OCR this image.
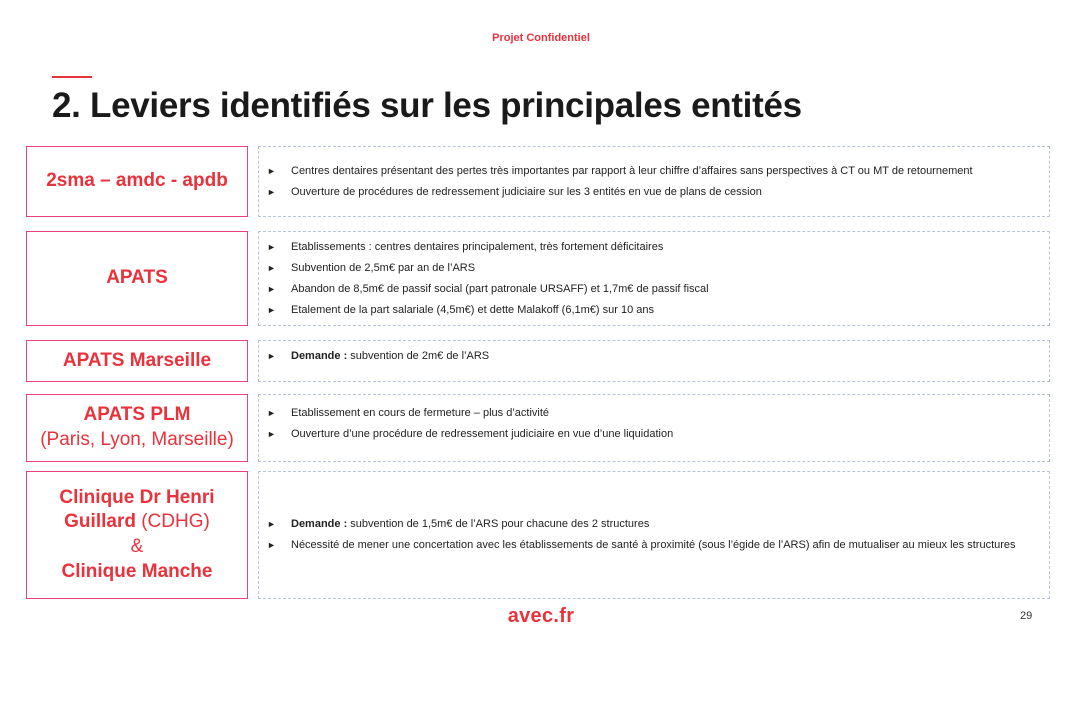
Projet Confidentiel
2. Leviers identifiés sur les principales entités
2sma – amdc - apdb	►	Centres dentaires présentant des pertes très importantes par rapport à leur chiffre d’affaires sans perspectives à CT ou MT de retournement
►	Ouverture de procédures de redressement judiciaire sur les 3 entités en vue de plans de cession
APATS
►	Etablissements : centres dentaires principalement, très fortement déficitaires
►	Subvention de 2,5m€ par an de l’ARS
►	Abandon de 8,5m€ de passif social (part patronale URSAFF) et 1,7m€ de passif fiscal
►	Etalement de la part salariale (4,5m€) et dette Malakoff (6,1m€) sur 10 ans
APATS Marseille	►	Demande : subvention de 2m€ de l’ARS
APATS PLM
(Paris, Lyon, Marseille)
►	Etablissement en cours de fermeture – plus d’activité
►	Ouverture d’une procédure de redressement judiciaire en vue d’une liquidation
Clinique Dr Henri
Guillard (CDHG)
&
Clinique Manche
►	Demande : subvention de 1,5m€ de l’ARS pour chacune des 2 structures
►	Nécessité de mener une concertation avec les établissements de santé à proximité (sous l’égide de l’ARS) afin de mutualiser au mieux les structures
avec.fr	29
